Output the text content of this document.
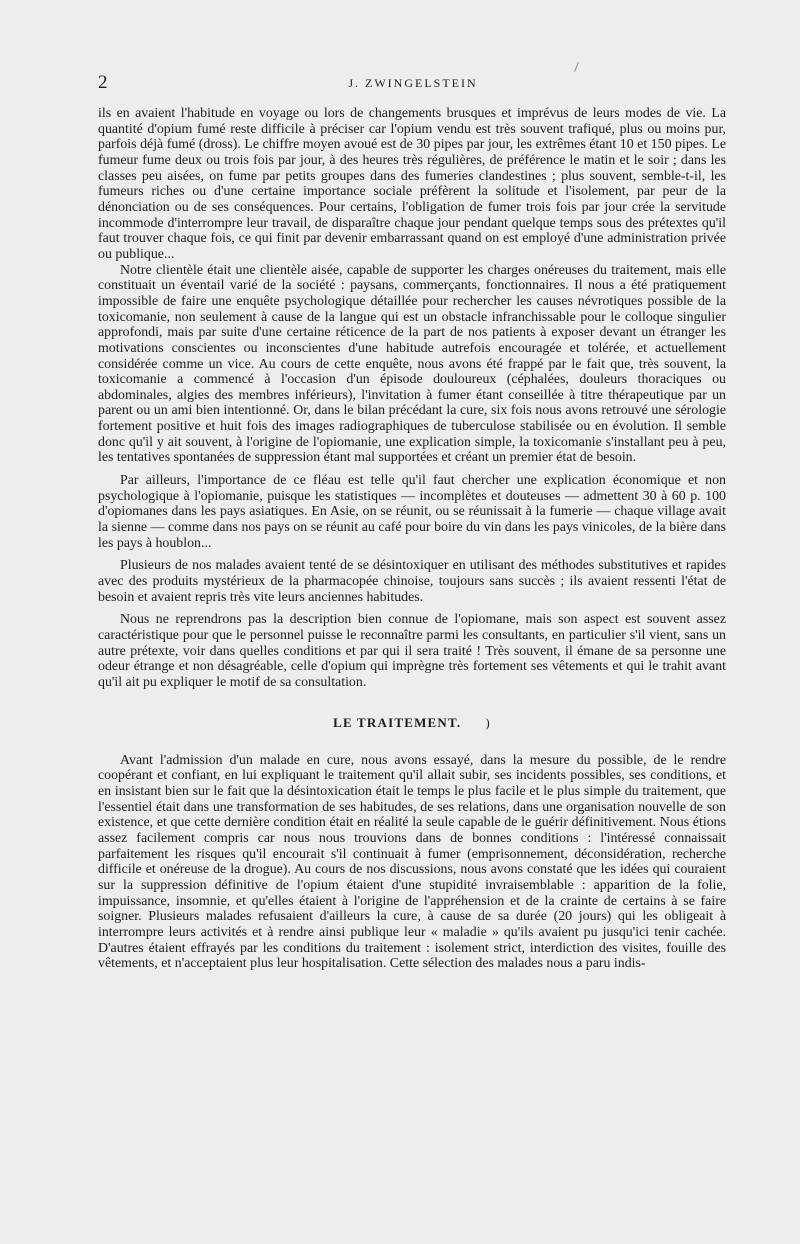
2	J. ZWINGELSTEIN

ils en avaient l'habitude en voyage ou lors de changements brusques et imprévus de leurs modes de vie. La quantité d'opium fumé reste difficile à préciser car l'opium vendu est très souvent trafiqué, plus ou moins pur, parfois déjà fumé (dross). Le chiffre moyen avoué est de 30 pipes par jour, les extrêmes étant 10 et 150 pipes. Le fumeur fume deux ou trois fois par jour, à des heures très régulières, de préférence le matin et le soir ; dans les classes peu aisées, on fume par petits groupes dans des fumeries clandestines ; plus souvent, semble-t-il, les fumeurs riches ou d'une certaine importance sociale préfèrent la solitude et l'isolement, par peur de la dénonciation ou de ses conséquences. Pour certains, l'obligation de fumer trois fois par jour crée la servitude incommode d'interrompre leur travail, de disparaître chaque jour pendant quelque temps sous des prétextes qu'il faut trouver chaque fois, ce qui finit par devenir embarrassant quand on est employé d'une administration privée ou publique...

Notre clientèle était une clientèle aisée, capable de supporter les charges onéreuses du traitement, mais elle constituait un éventail varié de la société : paysans, commerçants, fonctionnaires. Il nous a été pratiquement impossible de faire une enquête psychologique détaillée pour rechercher les causes névrotiques possible de la toxicomanie, non seulement à cause de la langue qui est un obstacle infranchissable pour le colloque singulier approfondi, mais par suite d'une certaine réticence de la part de nos patients à exposer devant un étranger les motivations conscientes ou inconscientes d'une habitude autrefois encouragée et tolérée, et actuellement considérée comme un vice. Au cours de cette enquête, nous avons été frappé par le fait que, très souvent, la toxicomanie a commencé à l'occasion d'un épisode douloureux (céphalées, douleurs thoraciques ou abdominales, algies des membres inférieurs), l'invitation à fumer étant conseillée à titre thérapeutique par un parent ou un ami bien intentionné. Or, dans le bilan précédant la cure, six fois nous avons retrouvé une sérologie fortement positive et huit fois des images radiographiques de tuberculose stabilisée ou en évolution. Il semble donc qu'il y ait souvent, à l'origine de l'opiomanie, une explication simple, la toxicomanie s'installant peu à peu, les tentatives spontanées de suppression étant mal supportées et créant un premier état de besoin.

Par ailleurs, l'importance de ce fléau est telle qu'il faut chercher une explication économique et non psychologique à l'opiomanie, puisque les statistiques — incomplètes et douteuses — admettent 30 à 60 p. 100 d'opiomanes dans les pays asiatiques. En Asie, on se réunit, ou se réunissait à la fumerie — chaque village avait la sienne — comme dans nos pays on se réunit au café pour boire du vin dans les pays vinicoles, de la bière dans les pays à houblon...

Plusieurs de nos malades avaient tenté de se désintoxiquer en utilisant des méthodes substitutives et rapides avec des produits mystérieux de la pharmacopée chinoise, toujours sans succès ; ils avaient ressenti l'état de besoin et avaient repris très vite leurs anciennes habitudes.

Nous ne reprendrons pas la description bien connue de l'opiomane, mais son aspect est souvent assez caractéristique pour que le personnel puisse le reconnaître parmi les consultants, en particulier s'il vient, sans un autre prétexte, voir dans quelles conditions et par qui il sera traité ! Très souvent, il émane de sa personne une odeur étrange et non désagréable, celle d'opium qui imprègne très fortement ses vêtements et qui le trahit avant qu'il ait pu expliquer le motif de sa consultation.

LE TRAITEMENT. )

Avant l'admission d'un malade en cure, nous avons essayé, dans la mesure du possible, de le rendre coopérant et confiant, en lui expliquant le traitement qu'il allait subir, ses incidents possibles, ses conditions, et en insistant bien sur le fait que la désintoxication était le temps le plus facile et le plus simple du traitement, que l'essentiel était dans une transformation de ses habitudes, de ses relations, dans une organisation nouvelle de son existence, et que cette dernière condition était en réalité la seule capable de le guérir définitivement. Nous étions assez facilement compris car nous nous trouvions dans de bonnes conditions : l'intéressé connaissait parfaitement les risques qu'il encourait s'il continuait à fumer (emprisonnement, déconsidération, recherche difficile et onéreuse de la drogue). Au cours de nos discussions, nous avons constaté que les idées qui couraient sur la suppression définitive de l'opium étaient d'une stupidité invraisemblable : apparition de la folie, impuissance, insomnie, et qu'elles étaient à l'origine de l'appréhension et de la crainte de certains à se faire soigner. Plusieurs malades refusaient d'ailleurs la cure, à cause de sa durée (20 jours) qui les obligeait à interrompre leurs activités et à rendre ainsi publique leur « maladie » qu'ils avaient pu jusqu'ici tenir cachée. D'autres étaient effrayés par les conditions du traitement : isolement strict, interdiction des visites, fouille des vêtements, et n'acceptaient plus leur hospitalisation. Cette sélection des malades nous a paru indis-
